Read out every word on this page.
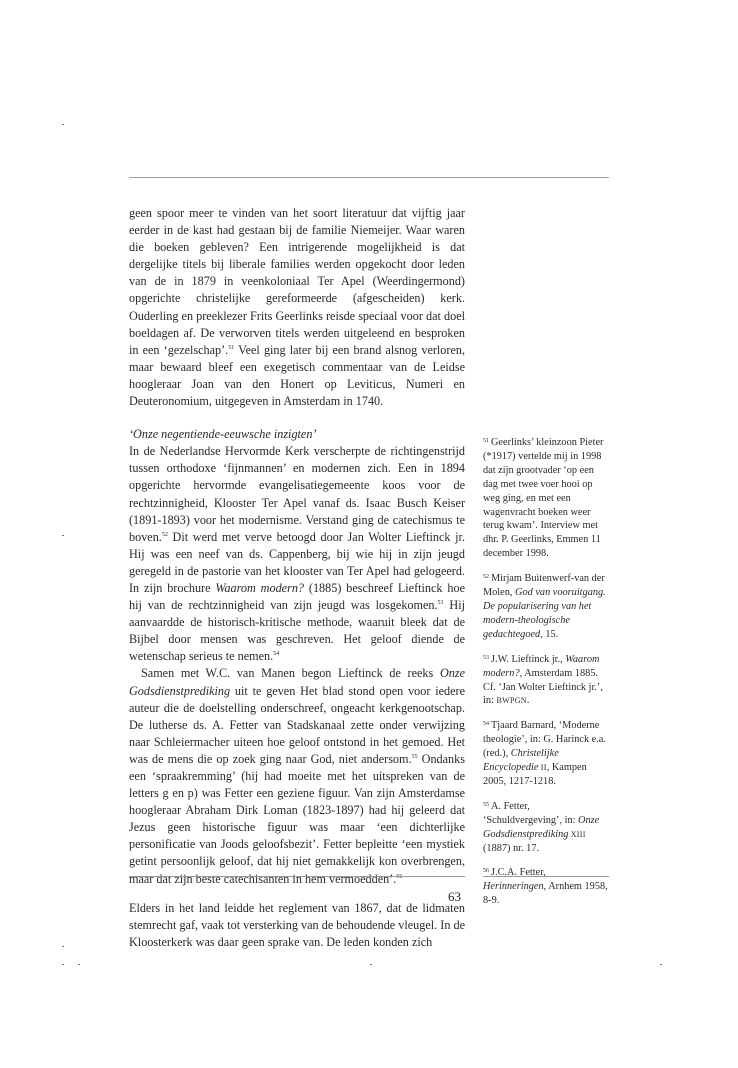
geen spoor meer te vinden van het soort literatuur dat vijftig jaar eerder in de kast had gestaan bij de familie Niemeijer. Waar waren die boeken gebleven? Een intrigerende mogelijkheid is dat dergelijke titels bij liberale families werden opgekocht door leden van de in 1879 in veenkoloniaal Ter Apel (Weerdingermond) opgerichte christelijke gereformeerde (afgescheiden) kerk. Ouderling en preeklezer Frits Geerlinks reisde speciaal voor dat doel boeldagen af. De verworven titels werden uitgeleend en besproken in een ‘gezelschap’.$^{51}$ Veel ging later bij een brand alsnog verloren, maar bewaard bleef een exegetisch commentaar van de Leidse hoogleraar Joan van den Honert op Leviticus, Numeri en Deuteronomium, uitgegeven in Amsterdam in 1740.

‘Onze negentiende-eeuwsche inzigten’

In de Nederlandse Hervormde Kerk verscherpte de richtingenstrijd tussen orthodoxe ‘fijnmannen’ en modernen zich. Een in 1894 opgerichte hervormde evangelisatiegemeente koos voor de rechtzinnigheid, Klooster Ter Apel vanaf ds. Isaac Busch Keiser (1891-1893) voor het modernisme. Verstand ging de catechismus te boven.$^{52}$ Dit werd met verve betoogd door Jan Wolter Lieftinck jr. Hij was een neef van ds. Cappenberg, bij wie hij in zijn jeugd geregeld in de pastorie van het klooster van Ter Apel had gelogeerd. In zijn brochure Waarom modern? (1885) beschreef Lieftinck hoe hij van de rechtzinnigheid van zijn jeugd was losgekomen.$^{53}$ Hij aanvaardde de historisch-kritische methode, waaruit bleek dat de Bijbel door mensen was geschreven. Het geloof diende de wetenschap serieus te nemen.$^{54}$

Samen met W.C. van Manen begon Lieftinck de reeks Onze Godsdienstprediking uit te geven Het blad stond open voor iedere auteur die de doelstelling onderschreef, ongeacht kerkgenootschap. De lutherse ds. A. Fetter van Stadskanaal zette onder verwijzing naar Schleiermacher uiteen hoe geloof ontstond in het gemoed. Het was de mens die op zoek ging naar God, niet andersom.$^{55}$ Ondanks een ‘spraakremming’ (hij had moeite met het uitspreken van de letters g en p) was Fetter een geziene figuur. Van zijn Amsterdamse hoogleraar Abraham Dirk Loman (1823-1897) had hij geleerd dat Jezus geen historische figuur was maar ‘een dichterlijke personificatie van Joods geloofsbezit’. Fetter bepleitte ‘een mystiek getint persoonlijk geloof, dat hij niet gemakkelijk kon overbrengen, maar dat zijn beste catechisanten in hem vermoedden’.$^{56}$

Elders in het land leidde het reglement van 1867, dat de lidmaten stemrecht gaf, vaak tot versterking van de behoudende vleugel. In de Kloosterkerk was daar geen sprake van. De leden konden zich

$^{51}$ Geerlinks’ kleinzoon Pieter (*1917) vertelde mij in 1998 dat zijn grootvader ‘op een dag met twee voer hooi op weg ging, en met een wagenvracht boeken weer terug kwam’. Interview met dhr. P. Geerlinks, Emmen 11 december 1998.

$^{52}$ Mirjam Buitenwerf-van der Molen, God van vooruitgang. De popularisering van het modern-theologische gedachtegoed, 15.

$^{53}$ J.W. Lieftinck jr., Waarom modern?, Amsterdam 1885. Cf. ‘Jan Wolter Lieftinck jr.’, in: BWPGN.

$^{54}$ Tjaard Barnard, ‘Moderne theologie’, in: G. Harinck e.a. (red.), Christelijke Encyclopedie II, Kampen 2005, 1217-1218.

$^{55}$ A. Fetter, ‘Schuldvergeving’, in: Onze Godsdienstprediking XIII (1887) nr. 17.

$^{56}$ J.C.A. Fetter, Herinneringen, Arnhem 1958, 8-9.

63
